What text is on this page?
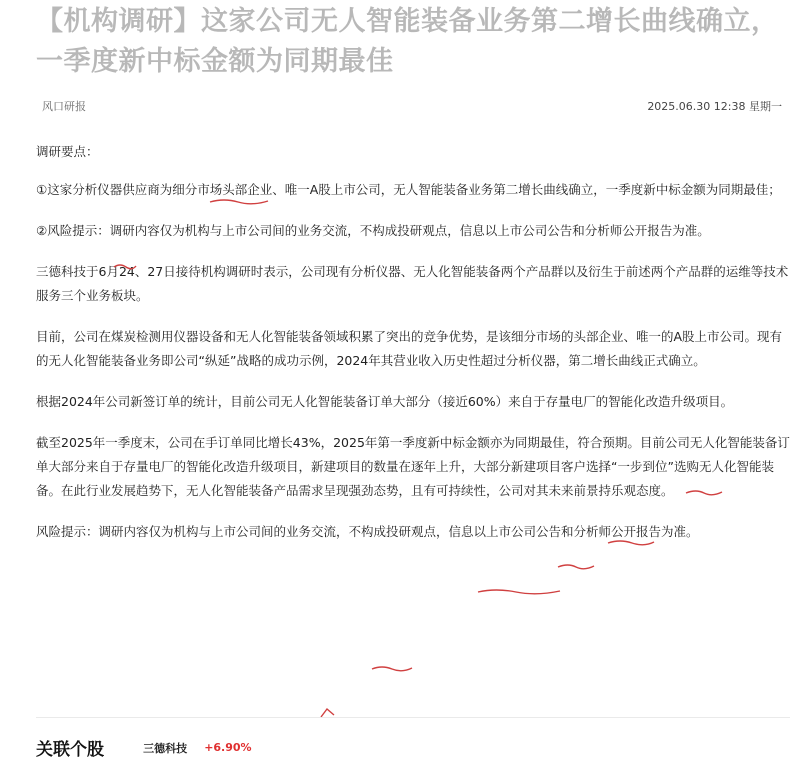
【机构调研】这家公司无人智能装备业务第二增长曲线确立，一季度新中标金额为同期最佳
风口研报	2025.06.30 12:38 星期一

调研要点：

①这家分析仪器供应商为细分市场头部企业、唯一A股上市公司，无人智能装备业务第二增长曲线确立，一季度新中标金额为同期最佳；

②风险提示：调研内容仅为机构与上市公司间的业务交流，不构成投研观点，信息以上市公司公告和分析师公开报告为准。

三德科技于6月24、27日接待机构调研时表示，公司现有分析仪器、无人化智能装备两个产品群以及衍生于前述两个产品群的运维等技术服务三个业务板块。

目前，公司在煤炭检测用仪器设备和无人化智能装备领域积累了突出的竞争优势，是该细分市场的头部企业、唯一的A股上市公司。现有的无人化智能装备业务即公司“纵延”战略的成功示例，2024年其营业收入历史性超过分析仪器，第二增长曲线正式确立。

根据2024年公司新签订单的统计，目前公司无人化智能装备订单大部分（接近60%）来自于存量电厂的智能化改造升级项目。

截至2025年一季度末，公司在手订单同比增长43%，2025年第一季度新中标金额亦为同期最佳，符合预期。目前公司无人化智能装备订单大部分来自于存量电厂的智能化改造升级项目，新建项目的数量在逐年上升，大部分新建项目客户选择“一步到位”选购无人化智能装备。在此行业发展趋势下，无人化智能装备产品需求呈现强劲态势，且有可持续性，公司对其未来前景持乐观态度。

风险提示：调研内容仅为机构与上市公司间的业务交流，不构成投研观点，信息以上市公司公告和分析师公开报告为准。

关联个股	三德科技 +6.90%
